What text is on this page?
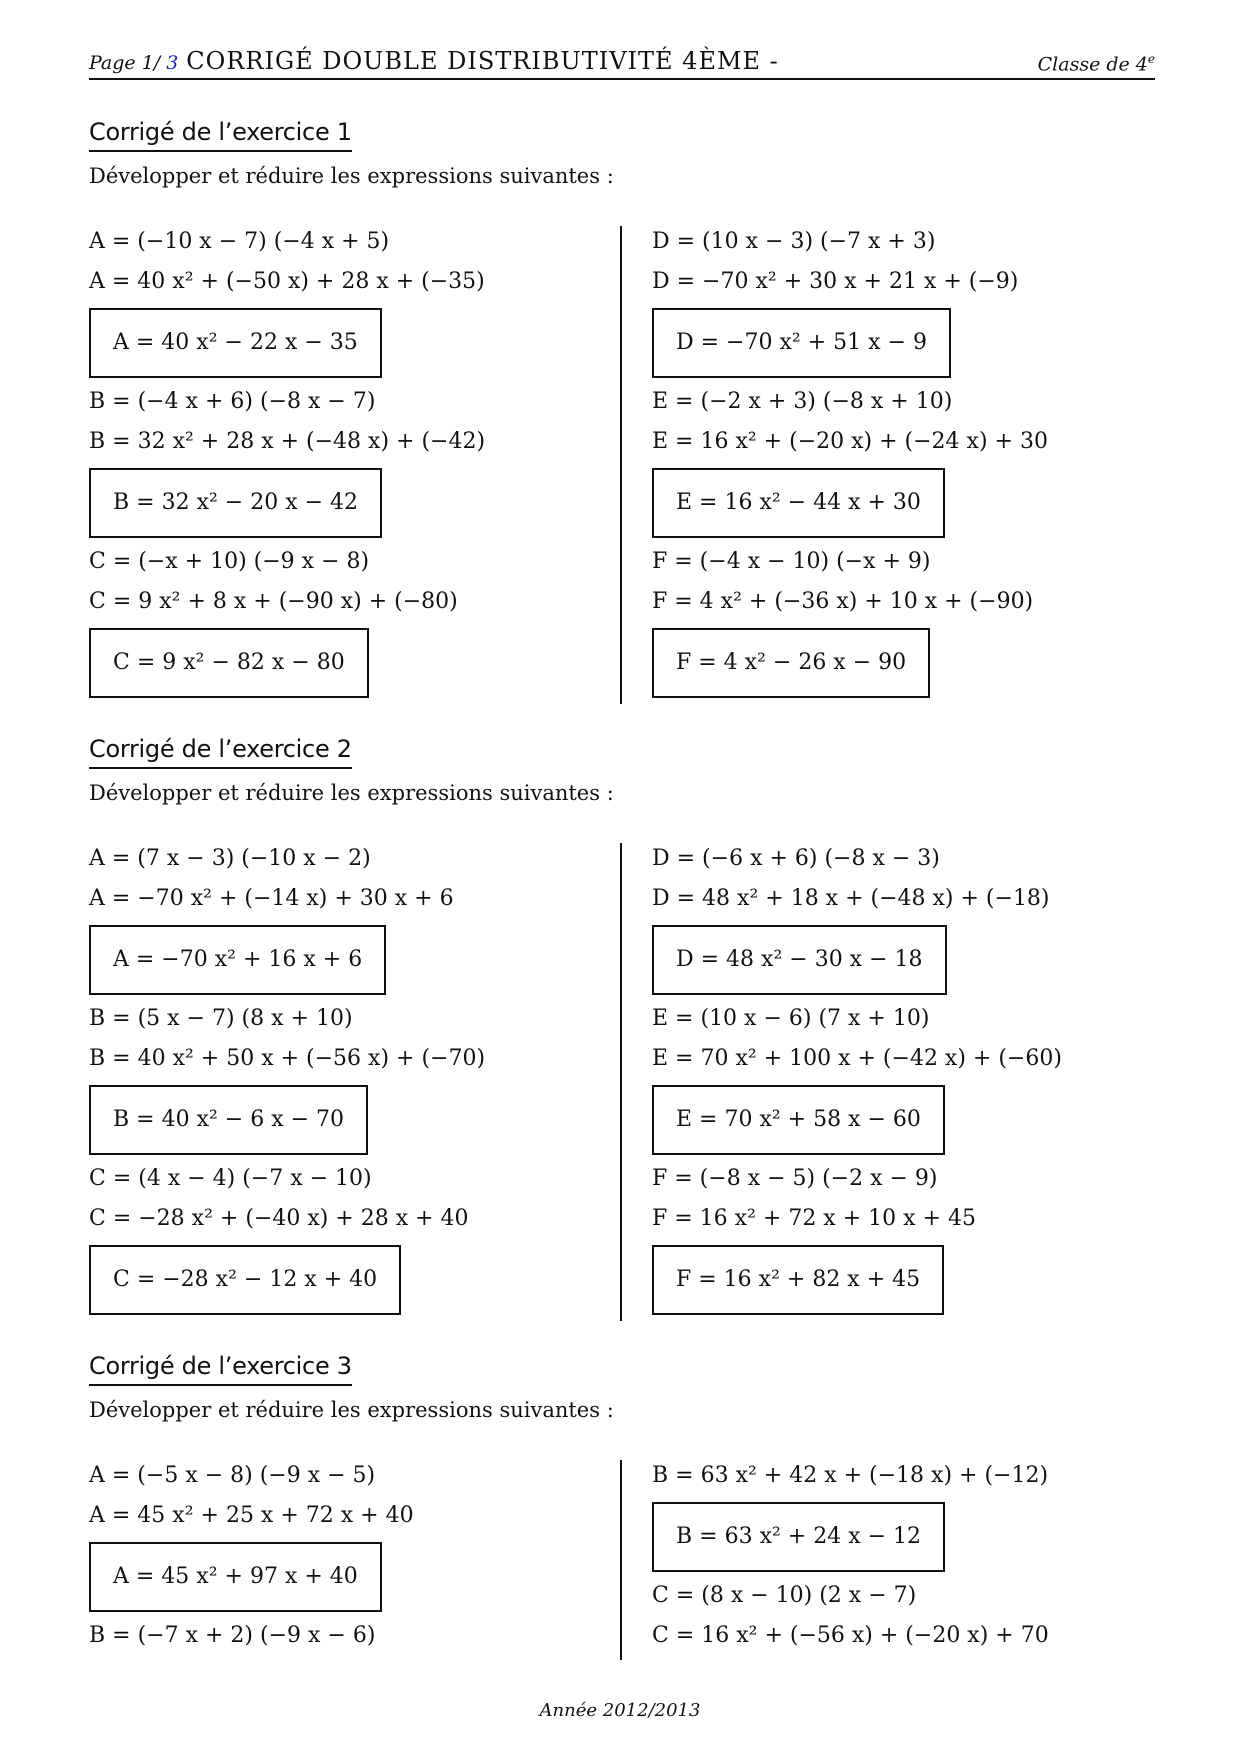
Page 1/ 3 CORRIGÉ DOUBLE DISTRIBUTIVITÉ 4ÈME -	Classe de 4e
Corrigé de l’exercice 1
Développer et réduire les expressions suivantes :
A = (−10 x − 7) (−4 x + 5)
A = 40 x² + (−50 x) + 28 x + (−35)
A = 40 x² − 22 x − 35
B = (−4 x + 6) (−8 x − 7)
B = 32 x² + 28 x + (−48 x) + (−42)
B = 32 x² − 20 x − 42
C = (−x + 10) (−9 x − 8)
C = 9 x² + 8 x + (−90 x) + (−80)
C = 9 x² − 82 x − 80
D = (10 x − 3) (−7 x + 3)
D = −70 x² + 30 x + 21 x + (−9)
D = −70 x² + 51 x − 9
E = (−2 x + 3) (−8 x + 10)
E = 16 x² + (−20 x) + (−24 x) + 30
E = 16 x² − 44 x + 30
F = (−4 x − 10) (−x + 9)
F = 4 x² + (−36 x) + 10 x + (−90)
F = 4 x² − 26 x − 90
Corrigé de l’exercice 2
Développer et réduire les expressions suivantes :
A = (7 x − 3) (−10 x − 2)
A = −70 x² + (−14 x) + 30 x + 6
A = −70 x² + 16 x + 6
B = (5 x − 7) (8 x + 10)
B = 40 x² + 50 x + (−56 x) + (−70)
B = 40 x² − 6 x − 70
C = (4 x − 4) (−7 x − 10)
C = −28 x² + (−40 x) + 28 x + 40
C = −28 x² − 12 x + 40
D = (−6 x + 6) (−8 x − 3)
D = 48 x² + 18 x + (−48 x) + (−18)
D = 48 x² − 30 x − 18
E = (10 x − 6) (7 x + 10)
E = 70 x² + 100 x + (−42 x) + (−60)
E = 70 x² + 58 x − 60
F = (−8 x − 5) (−2 x − 9)
F = 16 x² + 72 x + 10 x + 45
F = 16 x² + 82 x + 45
Corrigé de l’exercice 3
Développer et réduire les expressions suivantes :
A = (−5 x − 8) (−9 x − 5)
A = 45 x² + 25 x + 72 x + 40
A = 45 x² + 97 x + 40
B = (−7 x + 2) (−9 x − 6)
B = 63 x² + 42 x + (−18 x) + (−12)
B = 63 x² + 24 x − 12
C = (8 x − 10) (2 x − 7)
C = 16 x² + (−56 x) + (−20 x) + 70
Année 2012/2013
